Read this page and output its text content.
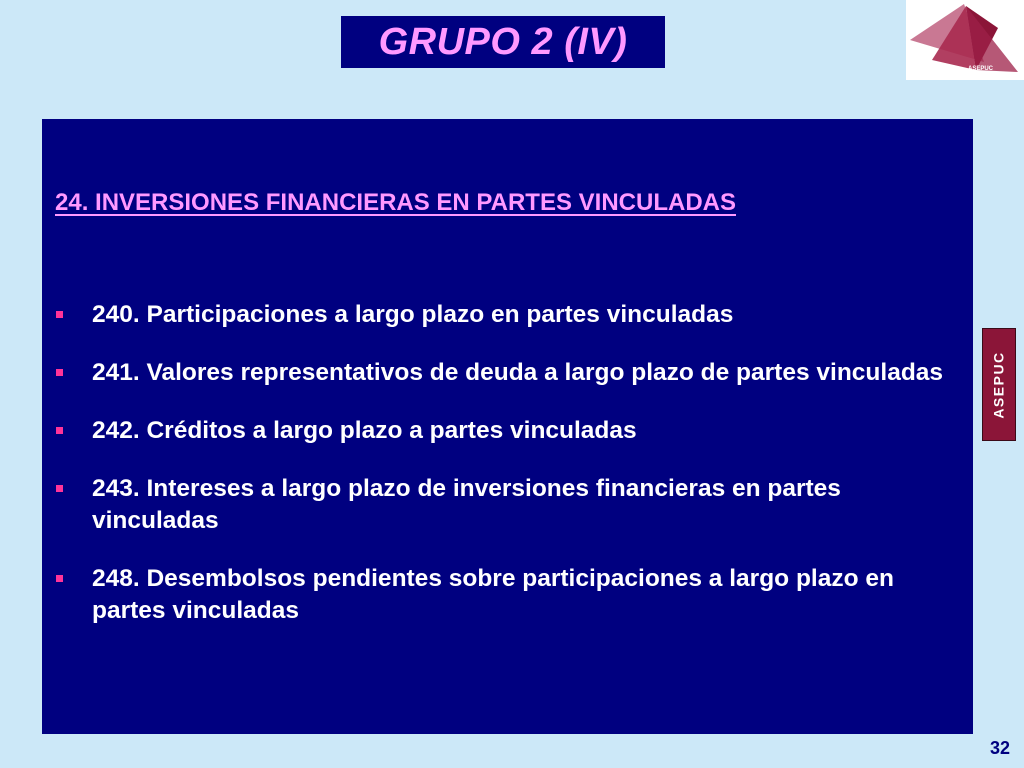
GRUPO 2 (IV)
ASEPUC
24. INVERSIONES FINANCIERAS EN PARTES VINCULADAS
240. Participaciones a largo plazo en partes vinculadas
241. Valores representativos de deuda a largo plazo de partes vinculadas
242. Créditos a largo plazo a partes vinculadas
243. Intereses a largo plazo de inversiones financieras en partes vinculadas
248. Desembolsos pendientes sobre participaciones a largo plazo en partes vinculadas
ASEPUC
32
